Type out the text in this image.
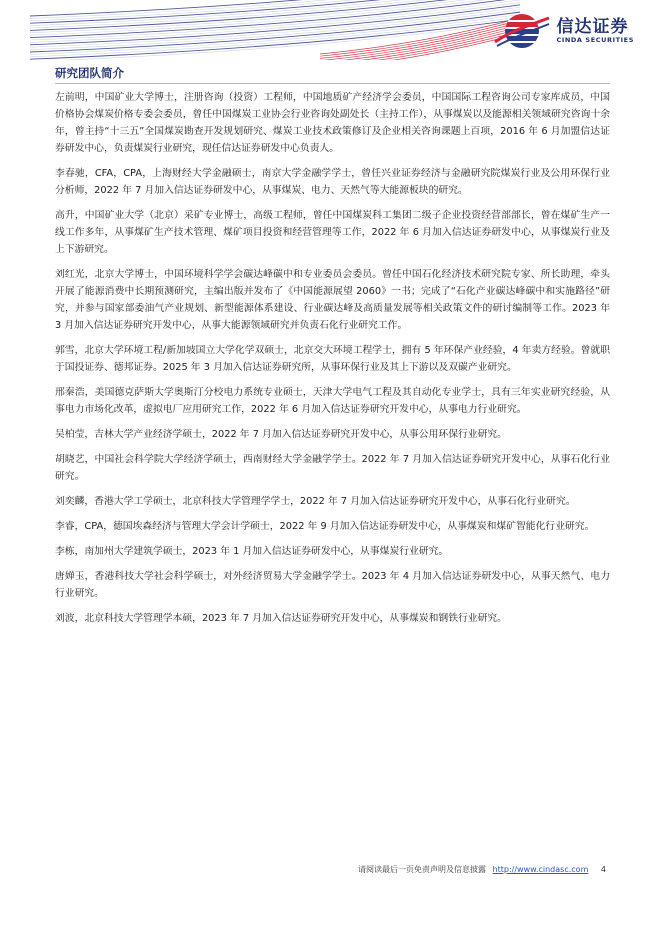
信达证券
CINDA SECURITIES
研究团队简介

左前明，中国矿业大学博士，注册咨询（投资）工程师，中国地质矿产经济学会委员，中国国际工程咨询公司专家库成员，中国价格协会煤炭价格专委会委员，曾任中国煤炭工业协会行业咨询处副处长（主持工作），从事煤炭以及能源相关领域研究咨询十余年，曾主持“十三五”全国煤炭勘查开发规划研究、煤炭工业技术政策修订及企业相关咨询课题上百项，2016 年 6 月加盟信达证券研发中心，负责煤炭行业研究，现任信达证券研发中心负责人。

李春驰，CFA，CPA，上海财经大学金融硕士，南京大学金融学学士，曾任兴业证券经济与金融研究院煤炭行业及公用环保行业分析师，2022 年 7 月加入信达证券研发中心，从事煤炭、电力、天然气等大能源板块的研究。

高升，中国矿业大学（北京）采矿专业博士，高级工程师，曾任中国煤炭科工集团二级子企业投资经营部部长，曾在煤矿生产一线工作多年，从事煤矿生产技术管理、煤矿项目投资和经营管理等工作，2022 年 6 月加入信达证券研发中心，从事煤炭行业及上下游研究。

刘红光，北京大学博士，中国环境科学学会碳达峰碳中和专业委员会委员。曾任中国石化经济技术研究院专家、所长助理，牵头开展了能源消费中长期预测研究，主编出版并发布了《中国能源展望 2060》一书；完成了“石化产业碳达峰碳中和实施路径”研究，并参与国家部委油气产业规划、新型能源体系建设、行业碳达峰及高质量发展等相关政策文件的研讨编制等工作。2023 年 3 月加入信达证券研究开发中心，从事大能源领域研究并负责石化行业研究工作。

郭雪，北京大学环境工程/新加坡国立大学化学双硕士，北京交大环境工程学士，拥有 5 年环保产业经验，4 年卖方经验。曾就职于国投证券、德邦证券。2025 年 3 月加入信达证券研究所，从事环保行业及其上下游以及双碳产业研究。

邢秦浩，美国德克萨斯大学奥斯汀分校电力系统专业硕士，天津大学电气工程及其自动化专业学士，具有三年实业研究经验，从事电力市场化改革，虚拟电厂应用研究工作，2022 年 6 月加入信达证券研究开发中心，从事电力行业研究。

吴柏莹，吉林大学产业经济学硕士，2022 年 7 月加入信达证券研究开发中心，从事公用环保行业研究。

胡晓艺，中国社会科学院大学经济学硕士，西南财经大学金融学学士。2022 年 7 月加入信达证券研究开发中心，从事石化行业研究。

刘奕麟，香港大学工学硕士，北京科技大学管理学学士，2022 年 7 月加入信达证券研究开发中心，从事石化行业研究。

李睿，CPA，德国埃森经济与管理大学会计学硕士，2022 年 9 月加入信达证券研发中心，从事煤炭和煤矿智能化行业研究。

李栋，南加州大学建筑学硕士，2023 年 1 月加入信达证券研发中心，从事煤炭行业研究。

唐婵玉，香港科技大学社会科学硕士，对外经济贸易大学金融学学士。2023 年 4 月加入信达证券研发中心，从事天然气、电力行业研究。

刘波，北京科技大学管理学本硕，2023 年 7 月加入信达证券研究开发中心，从事煤炭和钢铁行业研究。

请阅读最后一页免责声明及信息披露 http://www.cindasc.com 4
